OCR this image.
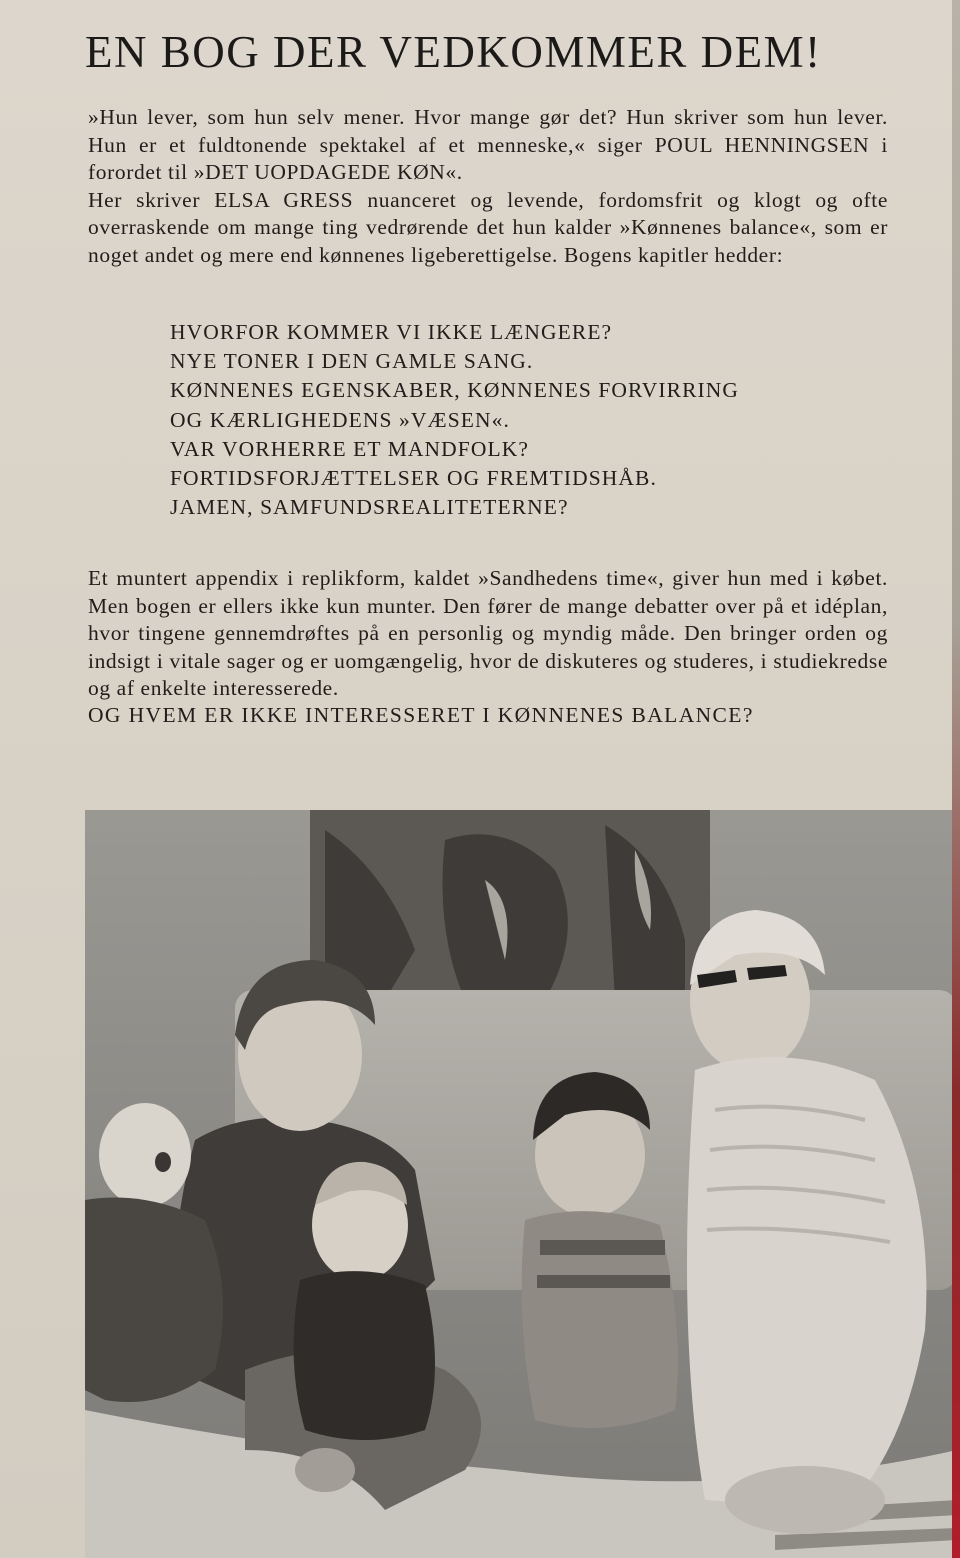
EN BOG DER VEDKOMMER DEM!

»Hun lever, som hun selv mener. Hvor mange gør det? Hun skriver som hun lever. Hun er et fuldtonende spektakel af et menneske,« siger POUL HENNINGSEN i forordet til »DET UOPDAGEDE KØN«.

Her skriver ELSA GRESS nuanceret og levende, fordomsfrit og klogt og ofte overraskende om mange ting vedrørende det hun kalder »Kønnenes balance«, som er noget andet og mere end kønnenes ligeberettigelse. Bogens kapitler hedder:

HVORFOR KOMMER VI IKKE LÆNGERE?
NYE TONER I DEN GAMLE SANG.
KØNNENES EGENSKABER, KØNNENES FORVIRRING
OG KÆRLIGHEDENS »VÆSEN«.
VAR VORHERRE ET MANDFOLK?
FORTIDSFORJÆTTELSER OG FREMTIDSHÅB.
JAMEN, SAMFUNDSREALITETERNE?

Et muntert appendix i replikform, kaldet »Sandhedens time«, giver hun med i købet. Men bogen er ellers ikke kun munter. Den fører de mange debatter over på et idéplan, hvor tingene gennemdrøftes på en personlig og myndig måde. Den bringer orden og indsigt i vitale sager og er uomgængelig, hvor de diskuteres og studeres, i studiekredse og af enkelte interesserede.

OG HVEM ER IKKE INTERESSERET I KØNNENES BALANCE?
